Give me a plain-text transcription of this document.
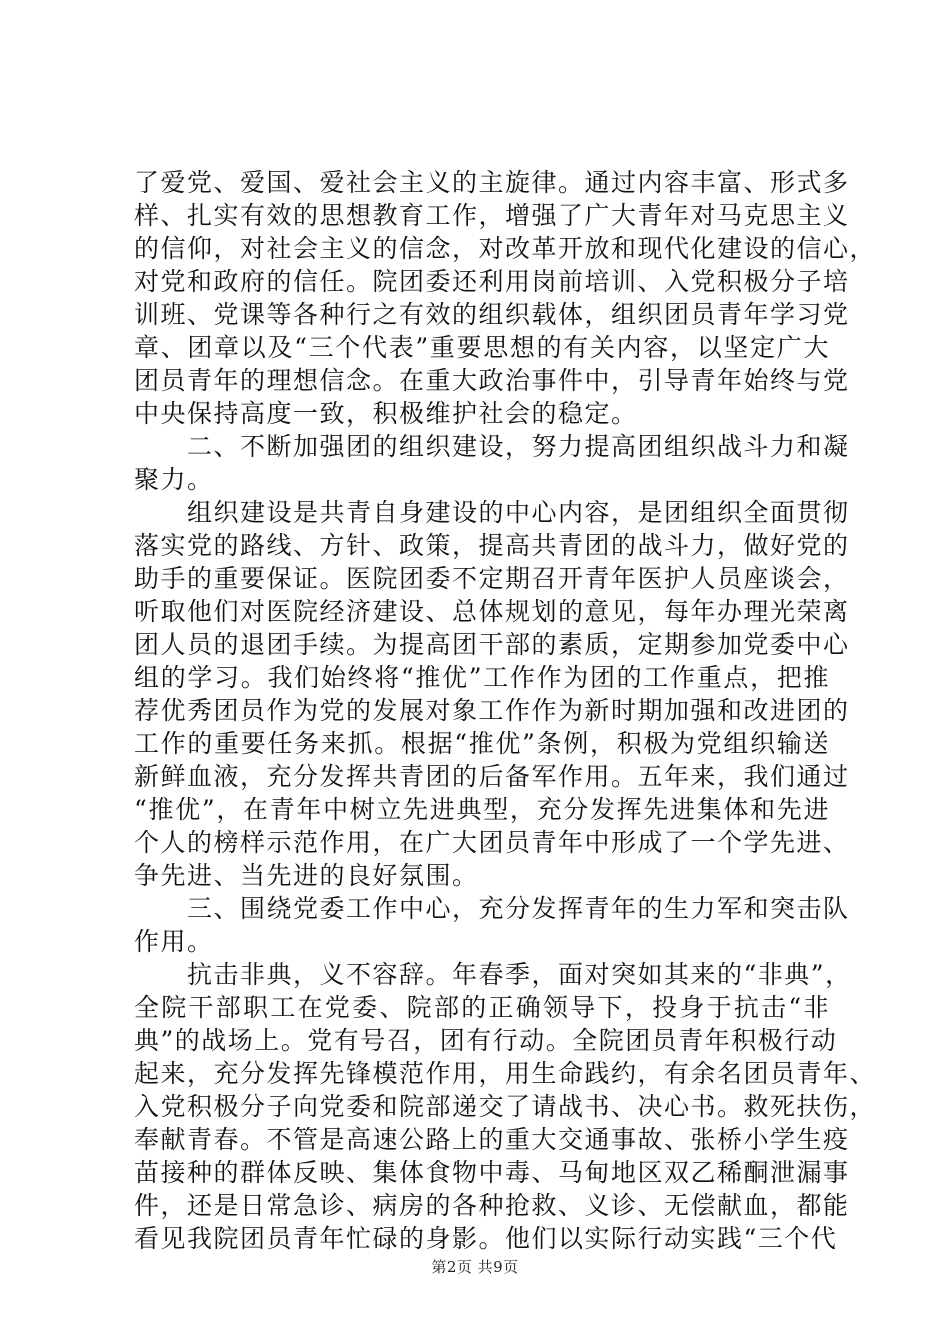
了爱党、爱国、爱社会主义的主旋律。通过内容丰富、形式多
样、扎实有效的思想教育工作，增强了广大青年对马克思主义
的信仰，对社会主义的信念，对改革开放和现代化建设的信心，
对党和政府的信任。院团委还利用岗前培训、入党积极分子培
训班、党课等各种行之有效的组织载体，组织团员青年学习党
章、团章以及“三个代表”重要思想的有关内容，以坚定广大
团员青年的理想信念。在重大政治事件中，引导青年始终与党
中央保持高度一致，积极维护社会的稳定。
　　二、不断加强团的组织建设，努力提高团组织战斗力和凝
聚力。
　　组织建设是共青自身建设的中心内容，是团组织全面贯彻
落实党的路线、方针、政策，提高共青团的战斗力，做好党的
助手的重要保证。医院团委不定期召开青年医护人员座谈会，
听取他们对医院经济建设、总体规划的意见，每年办理光荣离
团人员的退团手续。为提高团干部的素质，定期参加党委中心
组的学习。我们始终将“推优”工作作为团的工作重点，把推
荐优秀团员作为党的发展对象工作作为新时期加强和改进团的
工作的重要任务来抓。根据“推优”条例，积极为党组织输送
新鲜血液，充分发挥共青团的后备军作用。五年来，我们通过
“推优”，在青年中树立先进典型，充分发挥先进集体和先进
个人的榜样示范作用，在广大团员青年中形成了一个学先进、
争先进、当先进的良好氛围。
　　三、围绕党委工作中心，充分发挥青年的生力军和突击队
作用。
　　抗击非典，义不容辞。年春季，面对突如其来的“非典”，
全院干部职工在党委、院部的正确领导下，投身于抗击“非
典”的战场上。党有号召，团有行动。全院团员青年积极行动
起来，充分发挥先锋模范作用，用生命践约，有余名团员青年、
入党积极分子向党委和院部递交了请战书、决心书。救死扶伤，
奉献青春。不管是高速公路上的重大交通事故、张桥小学生疫
苗接种的群体反映、集体食物中毒、马甸地区双乙稀酮泄漏事
件，还是日常急诊、病房的各种抢救、义诊、无偿献血，都能
看见我院团员青年忙碌的身影。他们以实际行动实践“三个代
第2页 共9页
